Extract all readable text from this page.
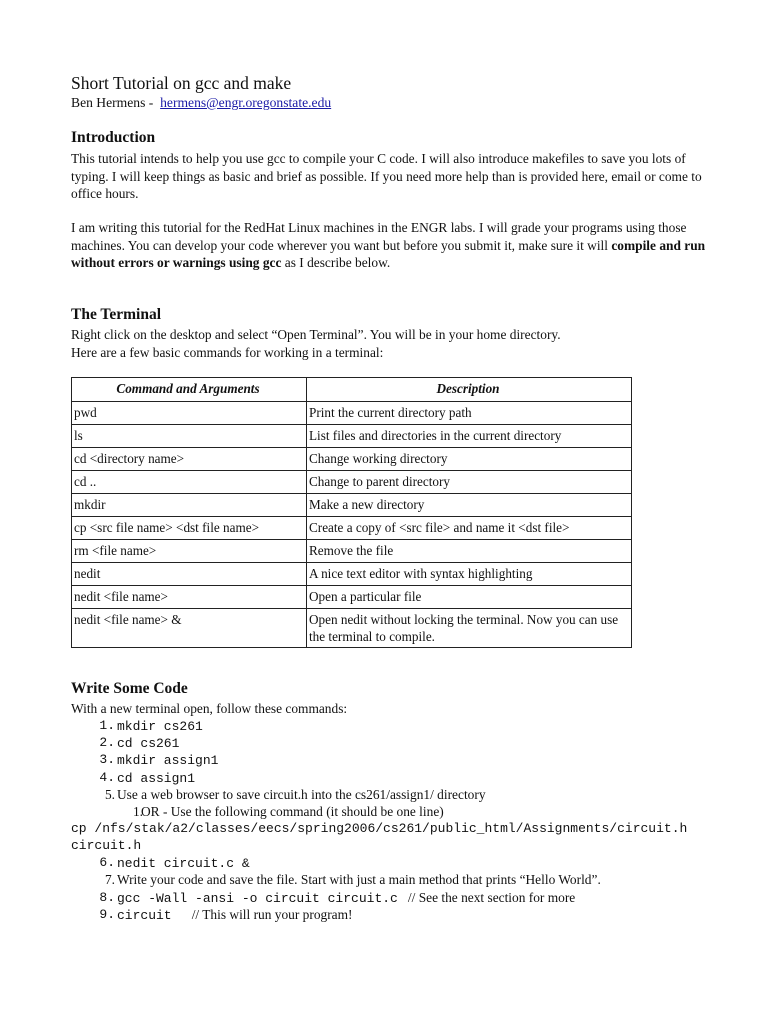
Short Tutorial on gcc and make
Ben Hermens -  hermens@engr.oregonstate.edu
Introduction
This tutorial intends to help you use gcc to compile your C code. I will also introduce makefiles to save you lots of typing. I will keep things as basic and brief as possible. If you need more help than is provided here, email or come to office hours.
I am writing this tutorial for the RedHat Linux machines in the ENGR labs. I will grade your programs using those machines. You can develop your code wherever you want but before you submit it, make sure it will compile and run without errors or warnings using gcc as I describe below.
The Terminal
Right click on the desktop and select “Open Terminal”. You will be in your home directory.
Here are a few basic commands for working in a terminal:
Command and Arguments	Description
pwd	Print the current directory path
ls	List files and directories in the current directory
cd <directory name>	Change working directory
cd ..	Change to parent directory
mkdir	Make a new directory
cp <src file name> <dst file name>	Create a copy of <src file> and name it <dst file>
rm <file name>	Remove the file
nedit	A nice text editor with syntax highlighting
nedit <file name>	Open a particular file
nedit <file name> &	Open nedit without locking the terminal. Now you can use the terminal to compile.
Write Some Code
With a new terminal open, follow these commands:
1. mkdir cs261
2. cd cs261
3. mkdir assign1
4. cd assign1
5. Use a web browser to save circuit.h into the cs261/assign1/ directory
1.
OR - Use the following command (it should be one line)
cp /nfs/stak/a2/classes/eecs/spring2006/cs261/public_html/Assignments/circuit.h circuit.h
6. nedit circuit.c &
7. Write your code and save the file. Start with just a main method that prints “Hello World”.
8. gcc -Wall -ansi -o circuit circuit.c   // See the next section for more
9. circuit      // This will run your program!
